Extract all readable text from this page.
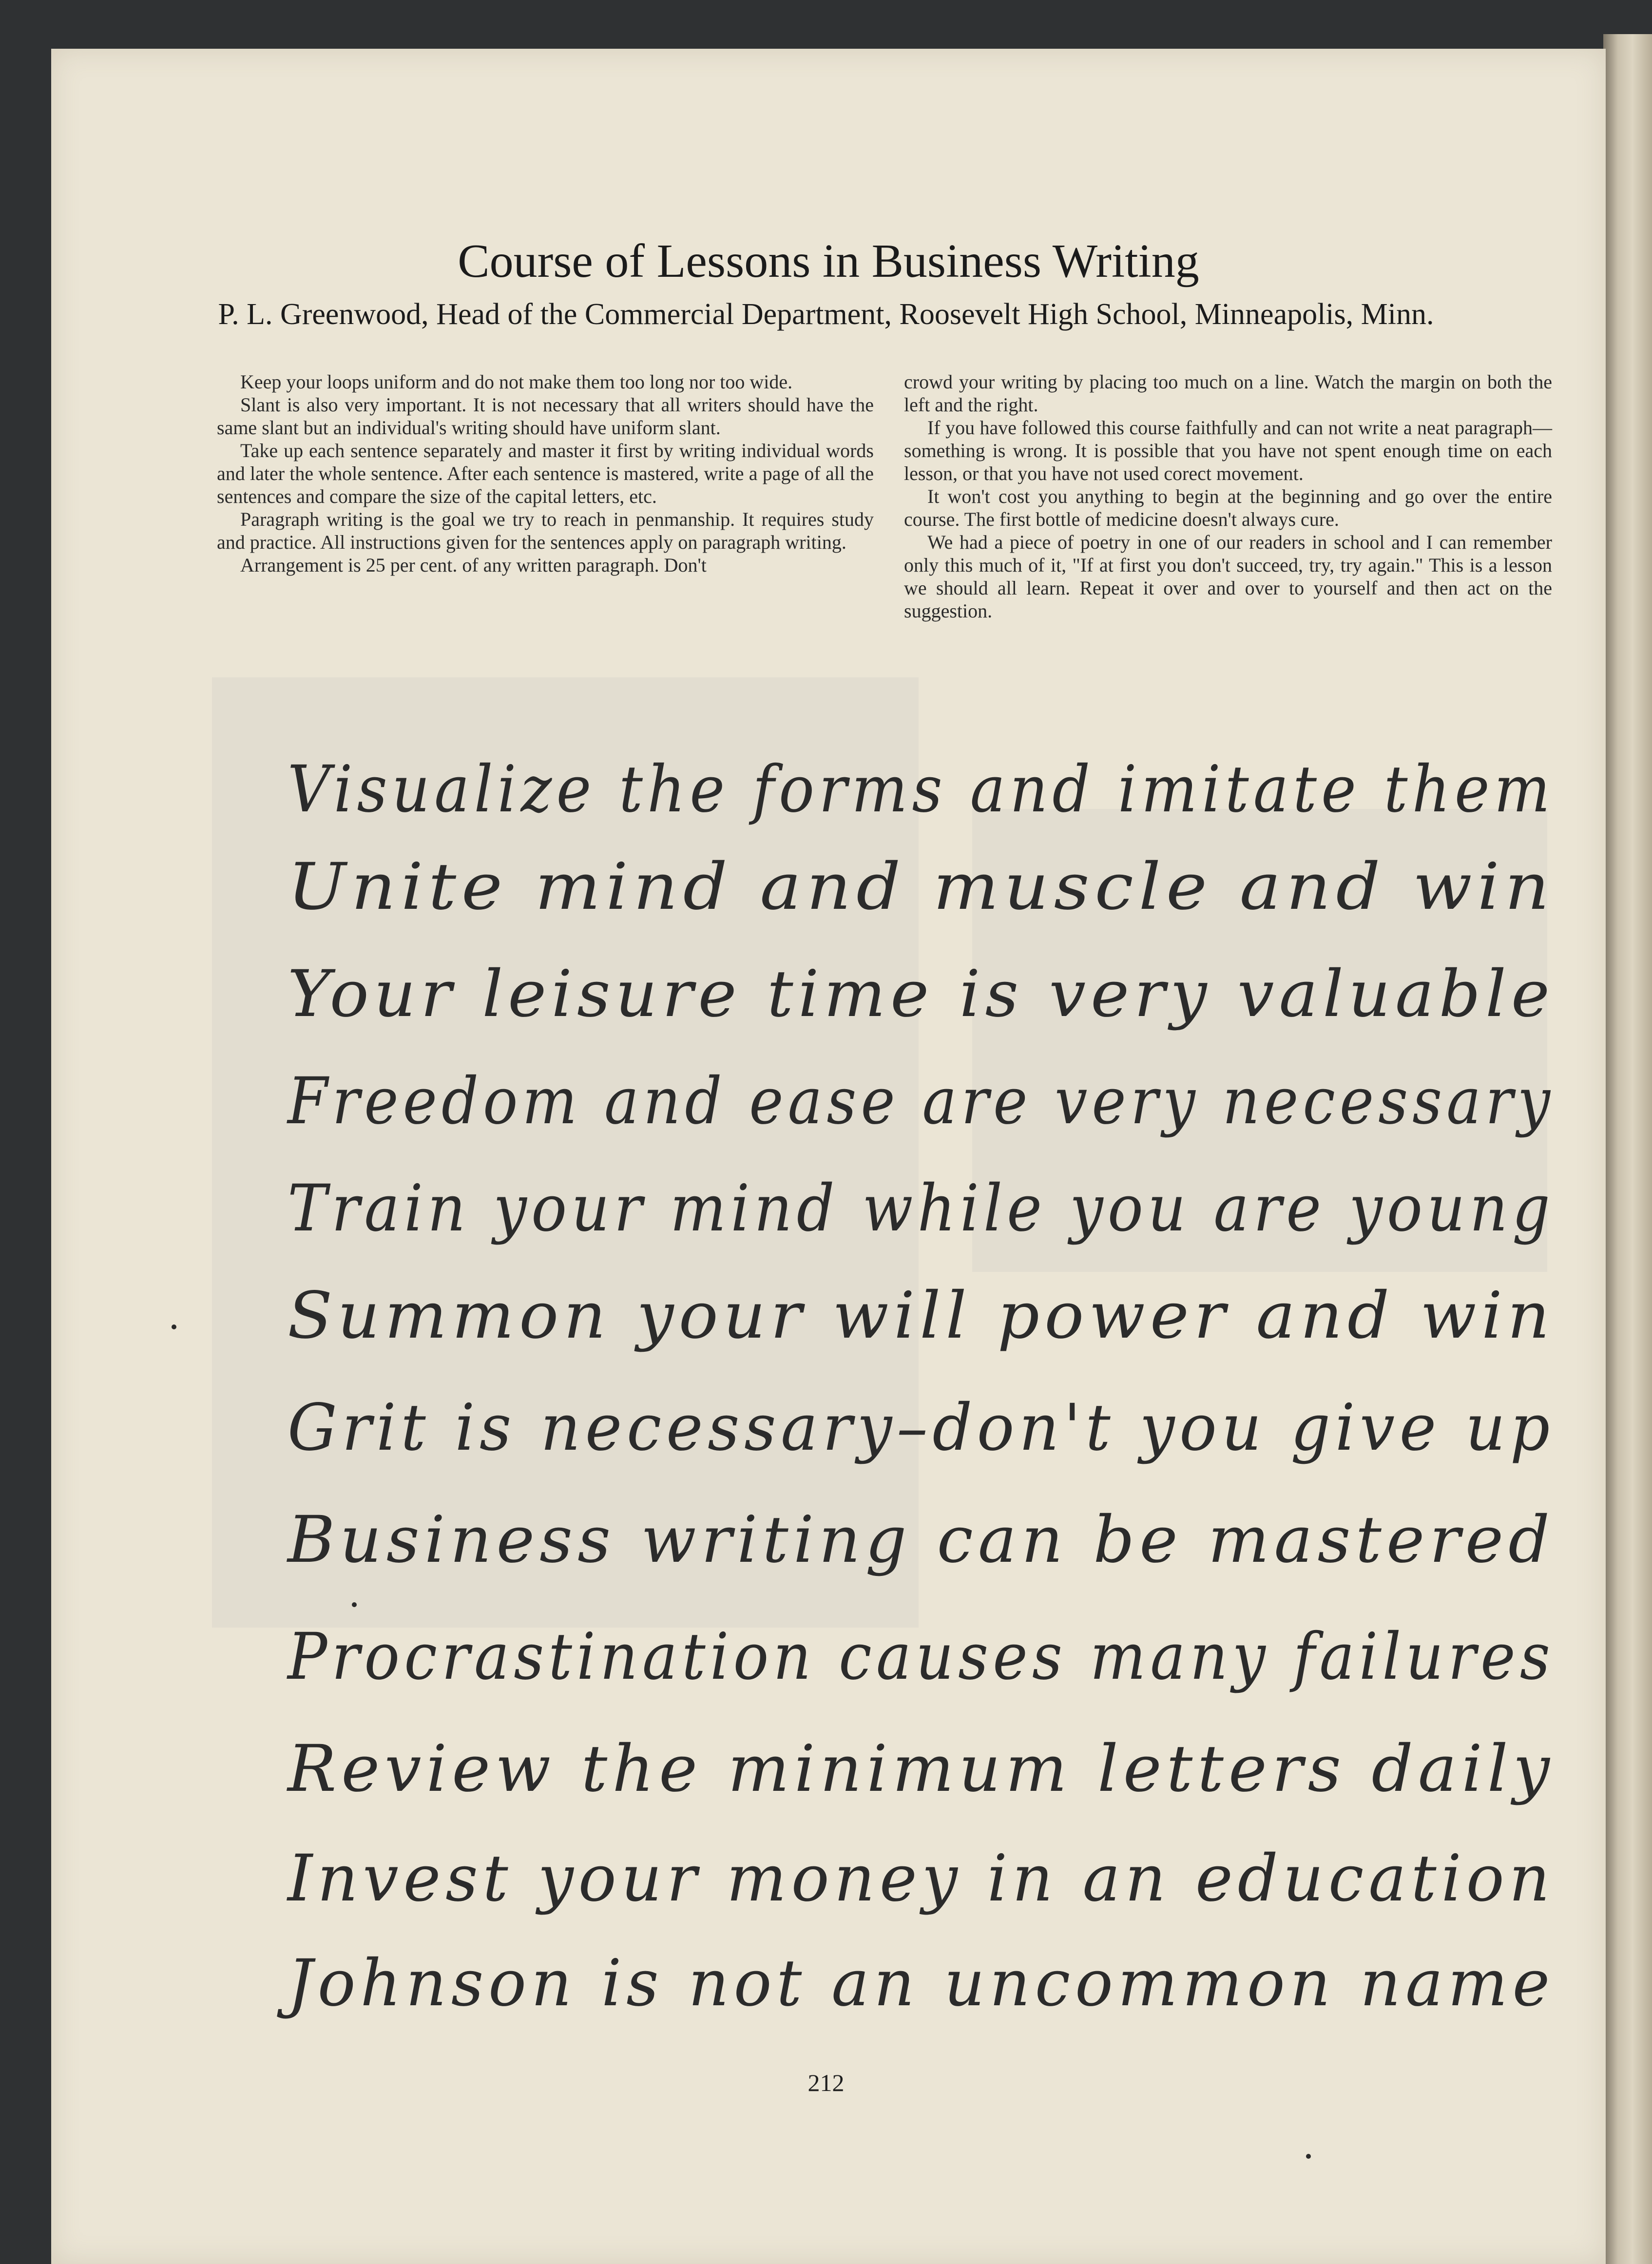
Course of Lessons in Business Writing
P. L. Greenwood, Head of the Commercial Department, Roosevelt High School, Minneapolis, Minn.

Keep your loops uniform and do not make them too long nor too wide.

Slant is also very important. It is not necessary that all writers should have the same slant but an individual's writing should have uniform slant.

Take up each sentence separately and master it first by writing individual words and later the whole sentence. After each sentence is mastered, write a page of all the sentences and compare the size of the capital letters, etc.

Paragraph writing is the goal we try to reach in penmanship. It requires study and practice. All instructions given for the sentences apply on paragraph writing.

Arrangement is 25 per cent. of any written paragraph. Don't

crowd your writing by placing too much on a line. Watch the margin on both the left and the right.

If you have followed this course faithfully and can not write a neat paragraph—something is wrong. It is possible that you have not spent enough time on each lesson, or that you have not used corect movement.

It won't cost you anything to begin at the beginning and go over the entire course. The first bottle of medicine doesn't always cure.

We had a piece of poetry in one of our readers in school and I can remember only this much of it, "If at first you don't succeed, try, try again." This is a lesson we should all learn. Repeat it over and over to yourself and then act on the suggestion.

Visualize the forms and imitate them
Unite mind and muscle and win
Your leisure time is very valuable
Freedom and ease are very necessary
Train your mind while you are young
Summon your will power and win
Grit is necessary–don't you give up
Business writing can be mastered
Procrastination causes many failures
Review the minimum letters daily
Invest your money in an education
Johnson is not an uncommon name
212
